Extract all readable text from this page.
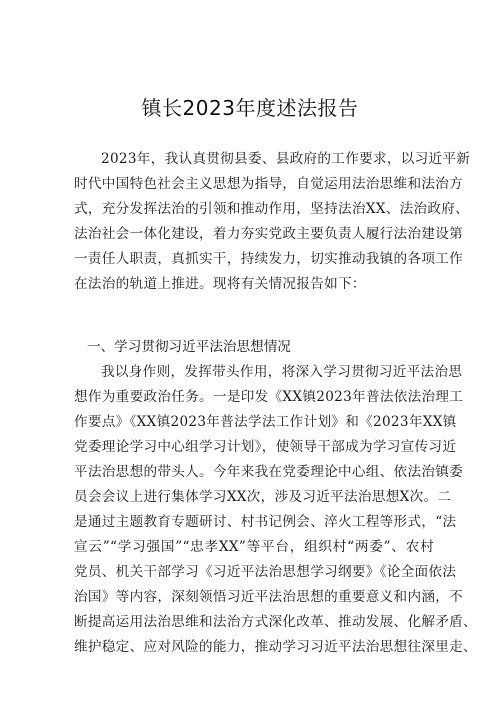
镇长2023年度述法报告
2023年，我认真贯彻县委、县政府的工作要求，以习近平新
时代中国特色社会主义思想为指导，自觉运用法治思维和法治方
式，充分发挥法治的引领和推动作用，坚持法治XX、法治政府、
法治社会一体化建设，着力夯实党政主要负责人履行法治建设第
一责任人职责，真抓实干，持续发力，切实推动我镇的各项工作
在法治的轨道上推进。现将有关情况报告如下：
一、学习贯彻习近平法治思想情况
我以身作则，发挥带头作用，将深入学习贯彻习近平法治思
想作为重要政治任务。一是印发《XX镇2023年普法依法治理工
作要点》《XX镇2023年普法学法工作计划》和《2023年XX镇
党委理论学习中心组学习计划》，使领导干部成为学习宣传习近
平法治思想的带头人。今年来我在党委理论中心组、依法治镇委
员会会议上进行集体学习XX次，涉及习近平法治思想X次。二
是通过主题教育专题研讨、村书记例会、淬火工程等形式，“法
宣云”“学习强国”“忠孝XX”等平台，组织村“两委”、农村
党员、机关干部学习《习近平法治思想学习纲要》《论全面依法
治国》等内容，深刻领悟习近平法治思想的重要意义和内涵，不
断提高运用法治思维和法治方式深化改革、推动发展、化解矛盾、
维护稳定、应对风险的能力，推动学习习近平法治思想往深里走、
